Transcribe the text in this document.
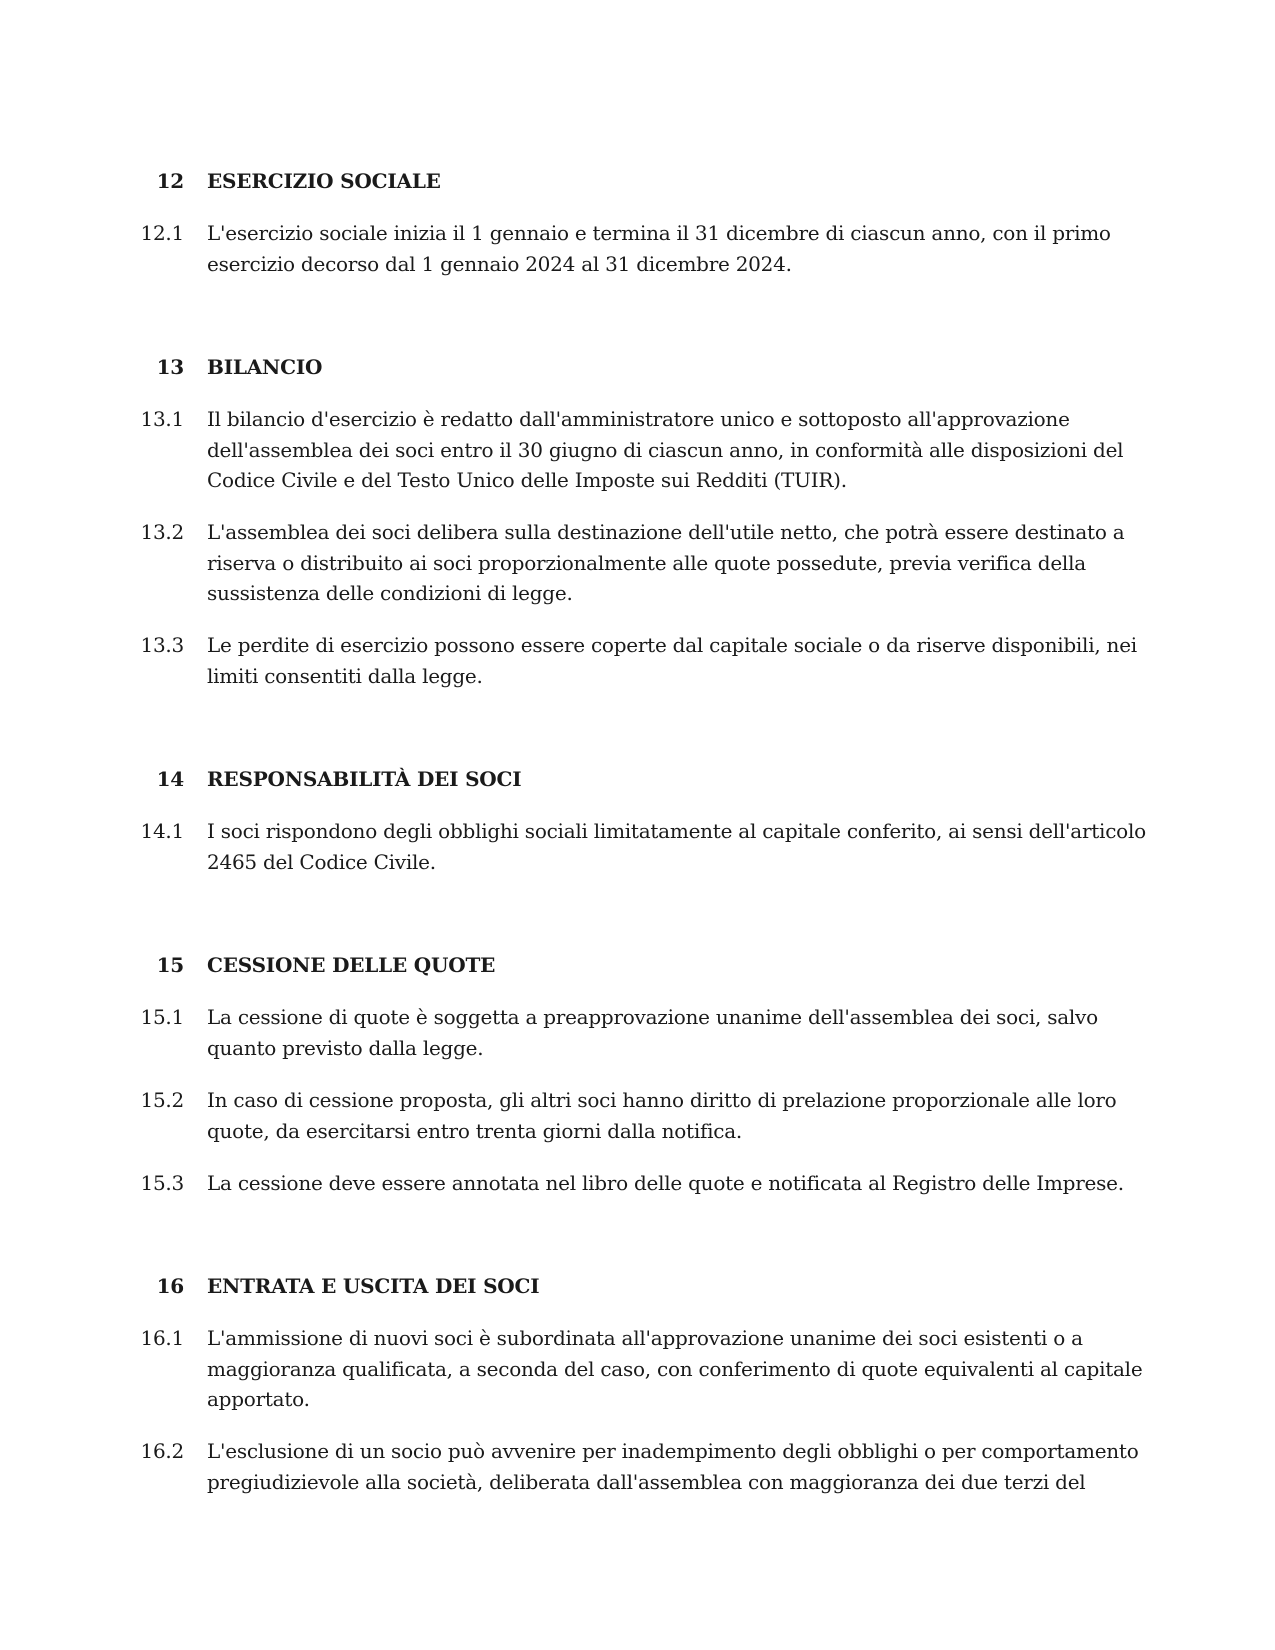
12 ESERCIZIO SOCIALE
12.1 L'esercizio sociale inizia il 1 gennaio e termina il 31 dicembre di ciascun anno, con il primo
esercizio decorso dal 1 gennaio 2024 al 31 dicembre 2024.
13 BILANCIO
13.1 Il bilancio d'esercizio è redatto dall'amministratore unico e sottoposto all'approvazione
dell'assemblea dei soci entro il 30 giugno di ciascun anno, in conformità alle disposizioni del
Codice Civile e del Testo Unico delle Imposte sui Redditi (TUIR).
13.2 L'assemblea dei soci delibera sulla destinazione dell'utile netto, che potrà essere destinato a
riserva o distribuito ai soci proporzionalmente alle quote possedute, previa verifica della
sussistenza delle condizioni di legge.
13.3 Le perdite di esercizio possono essere coperte dal capitale sociale o da riserve disponibili, nei
limiti consentiti dalla legge.
14 RESPONSABILITÀ DEI SOCI
14.1 I soci rispondono degli obblighi sociali limitatamente al capitale conferito, ai sensi dell'articolo
2465 del Codice Civile.
15 CESSIONE DELLE QUOTE
15.1 La cessione di quote è soggetta a preapprovazione unanime dell'assemblea dei soci, salvo
quanto previsto dalla legge.
15.2 In caso di cessione proposta, gli altri soci hanno diritto di prelazione proporzionale alle loro
quote, da esercitarsi entro trenta giorni dalla notifica.
15.3 La cessione deve essere annotata nel libro delle quote e notificata al Registro delle Imprese.
16 ENTRATA E USCITA DEI SOCI
16.1 L'ammissione di nuovi soci è subordinata all'approvazione unanime dei soci esistenti o a
maggioranza qualificata, a seconda del caso, con conferimento di quote equivalenti al capitale
apportato.
16.2 L'esclusione di un socio può avvenire per inadempimento degli obblighi o per comportamento
pregiudizievole alla società, deliberata dall'assemblea con maggioranza dei due terzi del
